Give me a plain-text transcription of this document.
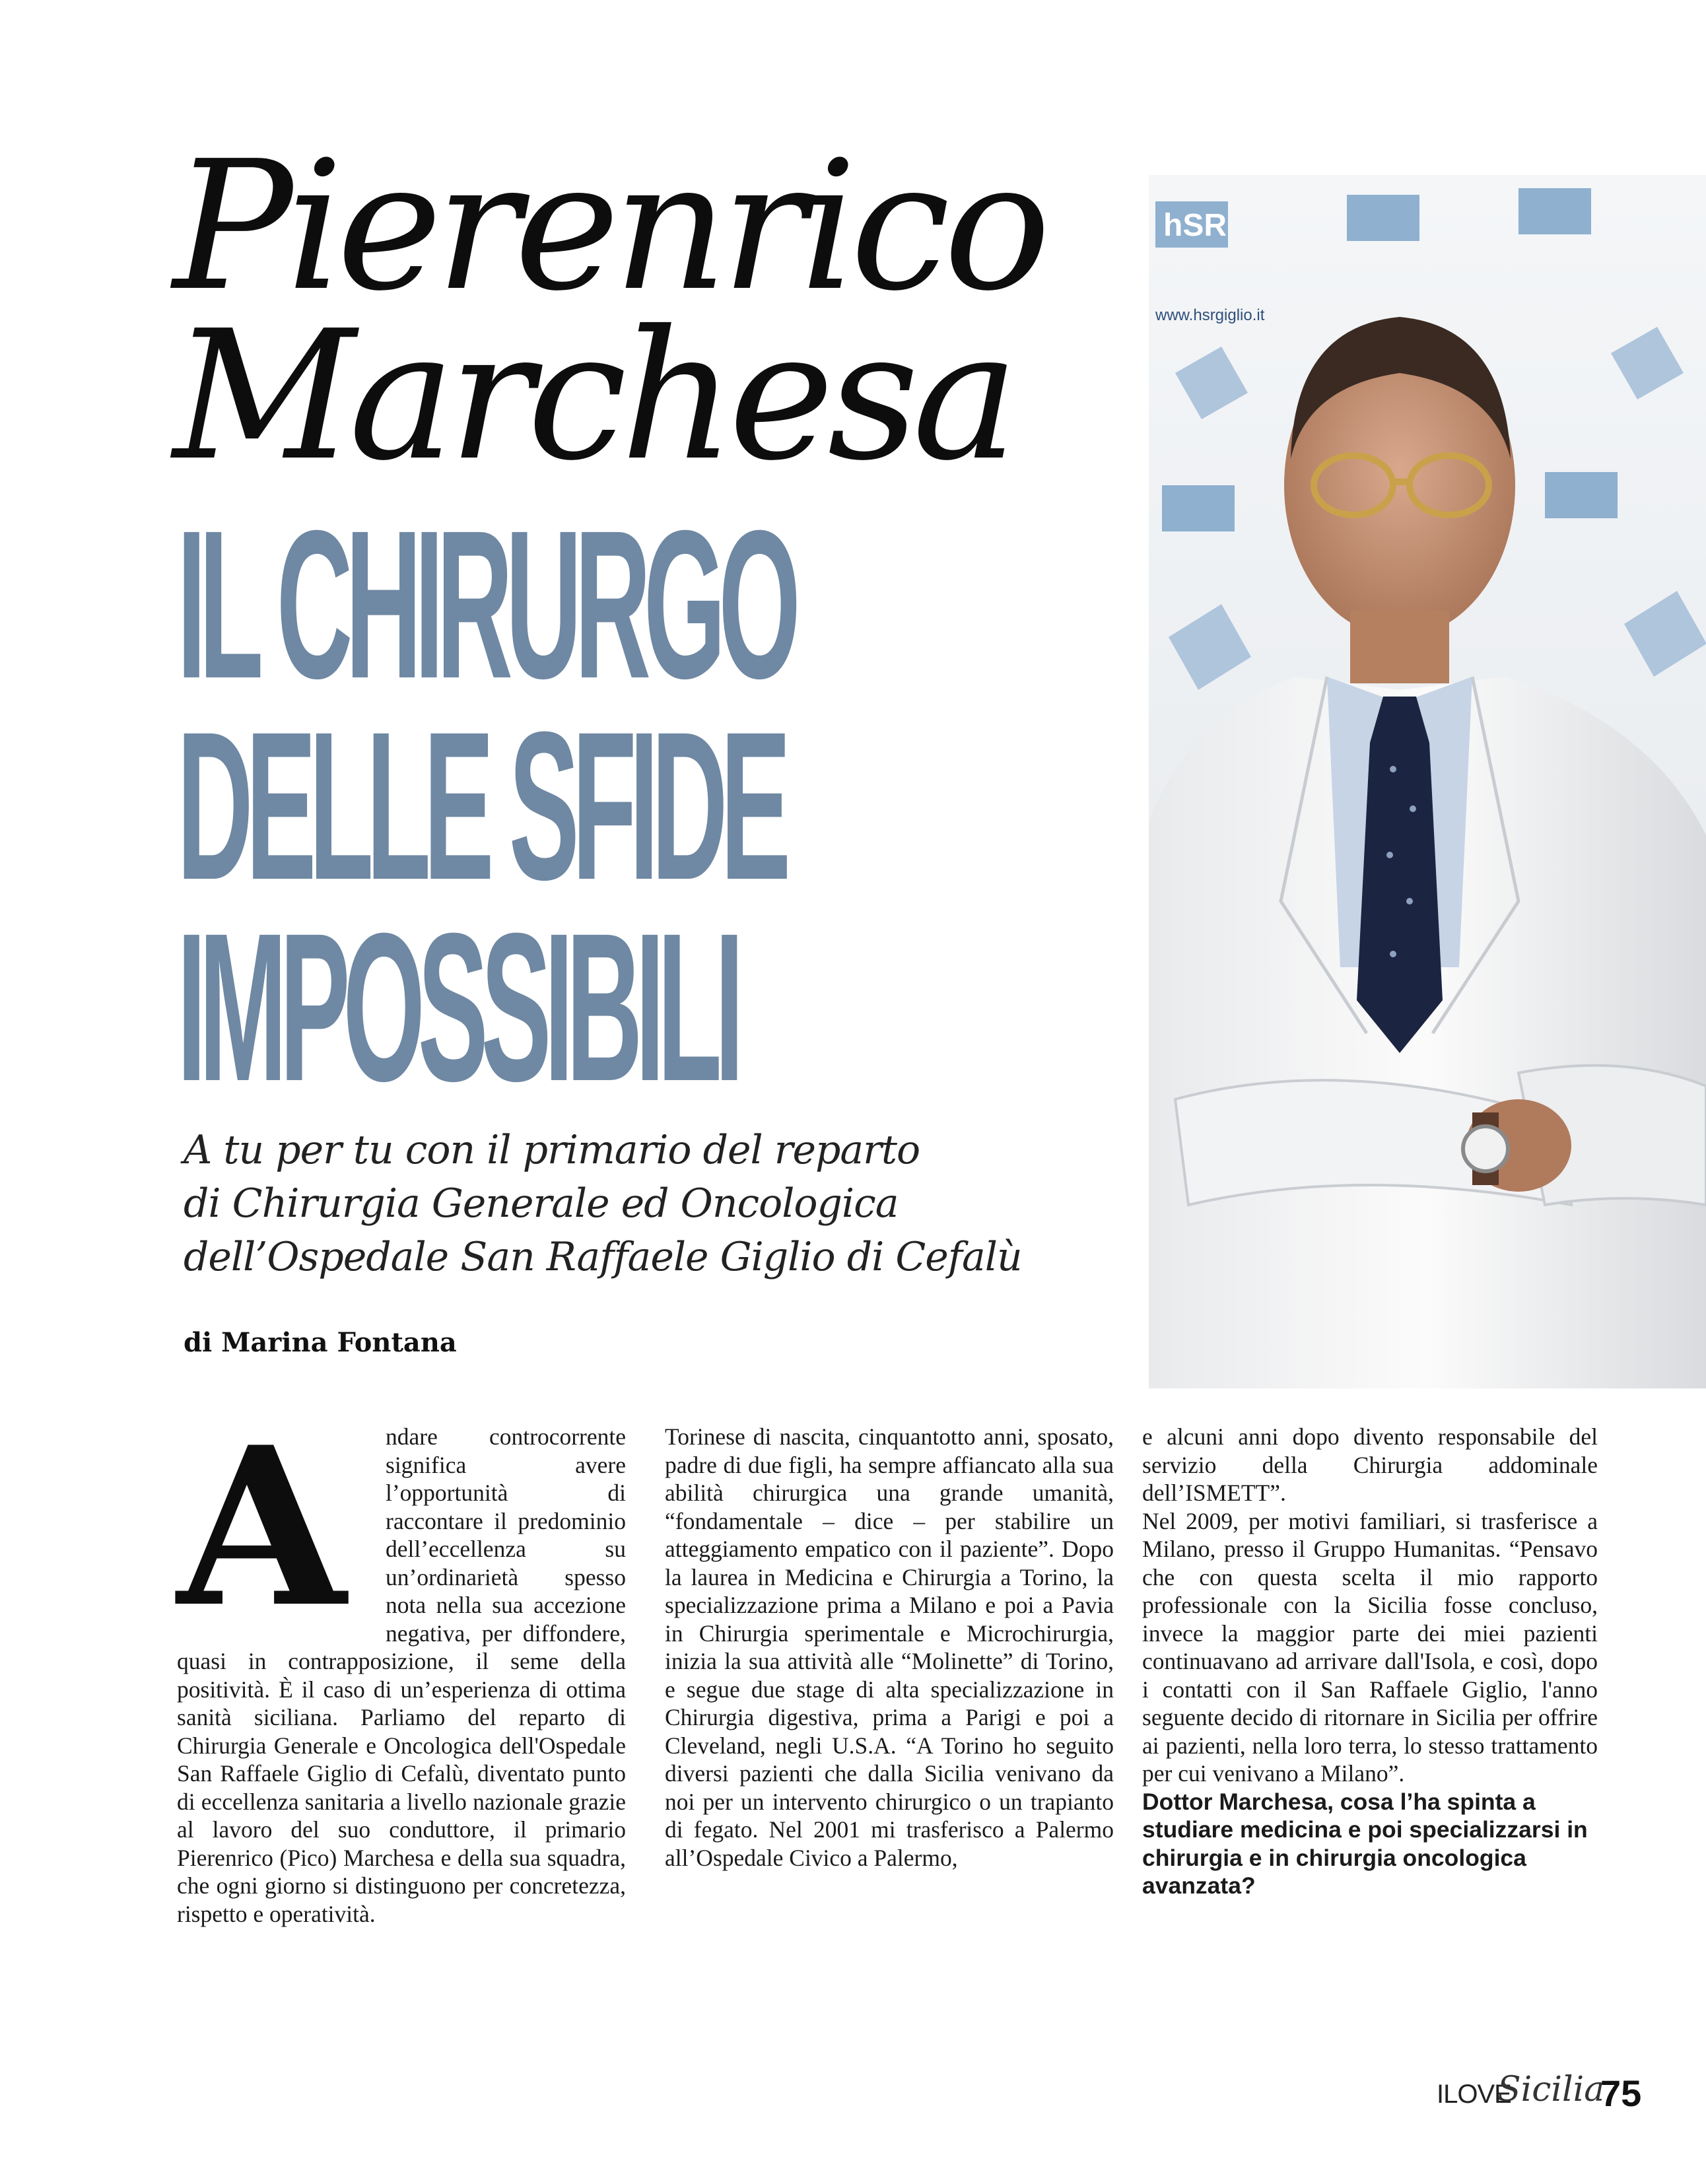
Pierenrico
Marchesa
IL CHIRURGO
DELLE SFIDE
IMPOSSIBILI
A tu per tu con il primario del reparto
di Chirurgia Generale ed Oncologica
dell’Ospedale San Raffaele Giglio di Cefalù
di Marina Fontana
hSR
www.hsrgiglio.it
A	ndare controcorrente significa avere l’opportunità di raccontare il predominio dell’eccellenza su un’ordinarietà spesso nota nella sua accezione negativa, per diffondere, quasi in contrapposizione, il seme della positività. È il caso di un’esperienza di ottima sanità siciliana. Parliamo del reparto di Chirurgia Generale e Oncologica dell'Ospedale San Raffaele Giglio di Cefalù, diventato punto di eccellenza sanitaria a livello nazionale grazie al lavoro del suo conduttore, il primario Pierenrico (Pico) Marchesa e della sua squadra, che ogni giorno si distinguono per concretezza, rispetto e operatività.

Torinese di nascita, cinquantotto anni, sposato, padre di due figli, ha sempre affiancato alla sua abilità chirurgica una grande umanità, “fondamentale – dice – per stabilire un atteggiamento empatico con il paziente”. Dopo la laurea in Medicina e Chirurgia a Torino, la specializzazione prima a Milano e poi a Pavia in Chirurgia sperimentale e Microchirurgia, inizia la sua attività alle “Molinette” di Torino, e segue due stage di alta specializzazione in Chirurgia digestiva, prima a Parigi e poi a Cleveland, negli U.S.A. “A Torino ho seguito diversi pazienti che dalla Sicilia venivano da noi per un intervento chirurgico o un trapianto di fegato. Nel 2001 mi trasferisco a Palermo all’Ospedale Civico a Palermo,

e alcuni anni dopo divento responsabile del servizio della Chirurgia addominale dell’ISMETT”.

Nel 2009, per motivi familiari, si trasferisce a Milano, presso il Gruppo Humanitas. “Pensavo che con questa scelta il mio rapporto professionale con la Sicilia fosse concluso, invece la maggior parte dei miei pazienti continuavano ad arrivare dall'Isola, e così, dopo i contatti con il San Raffaele Giglio, l'anno seguente decido di ritornare in Sicilia per offrire ai pazienti, nella loro terra, lo stesso trattamento per cui venivano a Milano”.

Dottor Marchesa, cosa l’ha spinta a studiare medicina e poi specializzarsi in chirurgia e in chirurgia oncologica avanzata?

ILOVE
Sicilia
75
